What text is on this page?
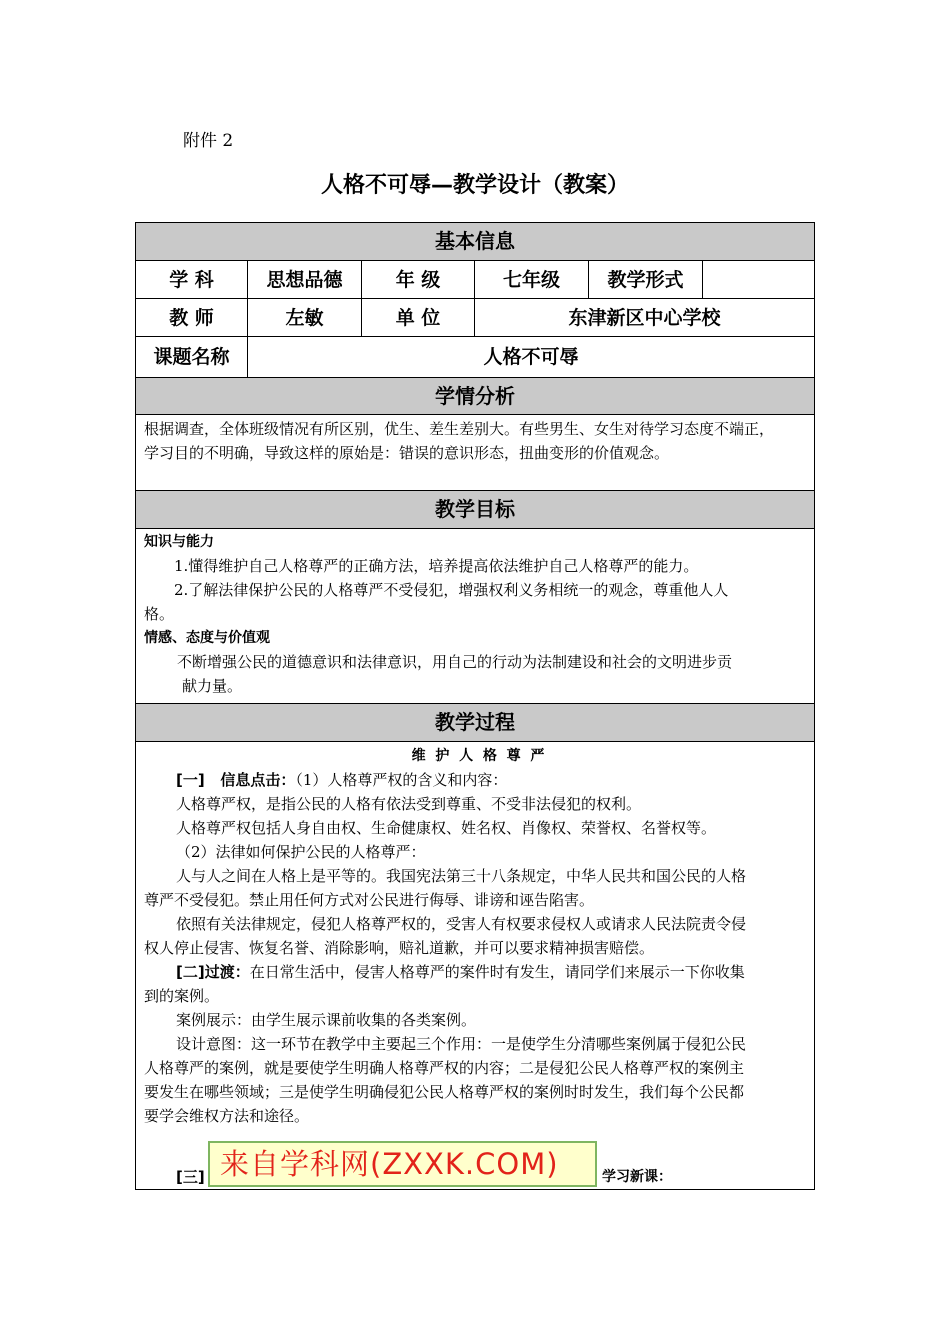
附件 2
人格不可辱—教学设计（教案）
基本信息
学 科	思想品德	年 级	七年级	教学形式
教 师	左敏	单 位	东津新区中心学校
课题名称	人格不可辱
学情分析
根据调查，全体班级情况有所区别，优生、差生差别大。有些男生、女生对待学习态度不端正，
学习目的不明确，导致这样的原始是：错误的意识形态，扭曲变形的价值观念。
教学目标
知识与能力
1.懂得维护自己人格尊严的正确方法，培养提高依法维护自己人格尊严的能力。
2.了解法律保护公民的人格尊严不受侵犯，增强权利义务相统一的观念，尊重他人人
格。
情感、态度与价值观
不断增强公民的道德意识和法律意识，用自己的行动为法制建设和社会的文明进步贡
献力量。
教学过程
维  护  人  格  尊  严
[一]   信息点击：（1）人格尊严权的含义和内容：
人格尊严权，是指公民的人格有依法受到尊重、不受非法侵犯的权利。
人格尊严权包括人身自由权、生命健康权、姓名权、肖像权、荣誉权、名誉权等。
（2）法律如何保护公民的人格尊严：
人与人之间在人格上是平等的。我国宪法第三十八条规定，中华人民共和国公民的人格
尊严不受侵犯。禁止用任何方式对公民进行侮辱、诽谤和诬告陷害。
依照有关法律规定，侵犯人格尊严权的，受害人有权要求侵权人或请求人民法院责令侵
权人停止侵害、恢复名誉、消除影响，赔礼道歉，并可以要求精神损害赔偿。
[二]过渡：在日常生活中，侵害人格尊严的案件时有发生，请同学们来展示一下你收集
到的案例。
案例展示：由学生展示课前收集的各类案例。
设计意图：这一环节在教学中主要起三个作用：一是使学生分清哪些案例属于侵犯公民
人格尊严的案例，就是要使学生明确人格尊严权的内容；二是侵犯公民人格尊严权的案例主
要发生在哪些领域；三是使学生明确侵犯公民人格尊严权的案例时时发生，我们每个公民都
要学会维权方法和途径。
[三]	学习新课：
来自学科网(ZXXK.COM)
